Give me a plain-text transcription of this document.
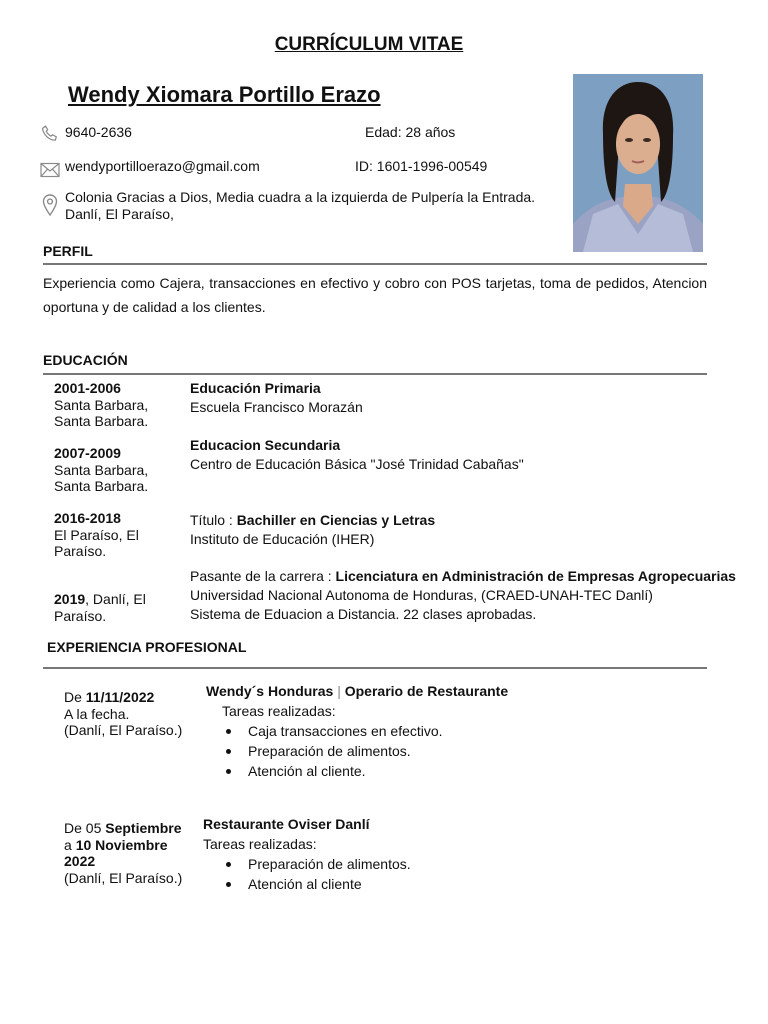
CURRÍCULUM VITAE
Wendy Xiomara Portillo Erazo
9640-2636	Edad: 28 años
wendyportilloerazo@gmail.com	ID: 1601-1996-00549
Colonia Gracias a Dios, Media cuadra a la izquierda de Pulpería la Entrada.
Danlí, El Paraíso,
PERFIL
Experiencia como Cajera, transacciones en efectivo y cobro con POS tarjetas, toma de pedidos, Atencion
oportuna y de calidad a los clientes.
EDUCACIÓN
2001-2006
Santa Barbara,
Santa Barbara.
Educación Primaria
Escuela Francisco Morazán
2007-2009
Santa Barbara,
Santa Barbara.
Educacion Secundaria
Centro de Educación Básica "José Trinidad Cabañas"
2016-2018
El Paraíso, El
Paraíso.
Título : Bachiller en Ciencias y Letras
Instituto de Educación (IHER)
2019, Danlí, El
Paraíso.
Pasante de la carrera : Licenciatura en Administración de Empresas Agropecuarias
Universidad Nacional Autonoma de Honduras, (CRAED-UNAH-TEC Danlí)
Sistema de Eduacion a Distancia. 22 clases aprobadas.
EXPERIENCIA PROFESIONAL
De 11/11/2022
A la fecha.
(Danlí, El Paraíso.)
Wendy´s Honduras | Operario de Restaurante
Tareas realizadas:
Caja transacciones en efectivo.
Preparación de alimentos.
Atención al cliente.
De 05 Septiembre
a 10 Noviembre
2022
(Danlí, El Paraíso.)
Restaurante Oviser Danlí
Tareas realizadas:
Preparación de alimentos.
Atención al cliente
